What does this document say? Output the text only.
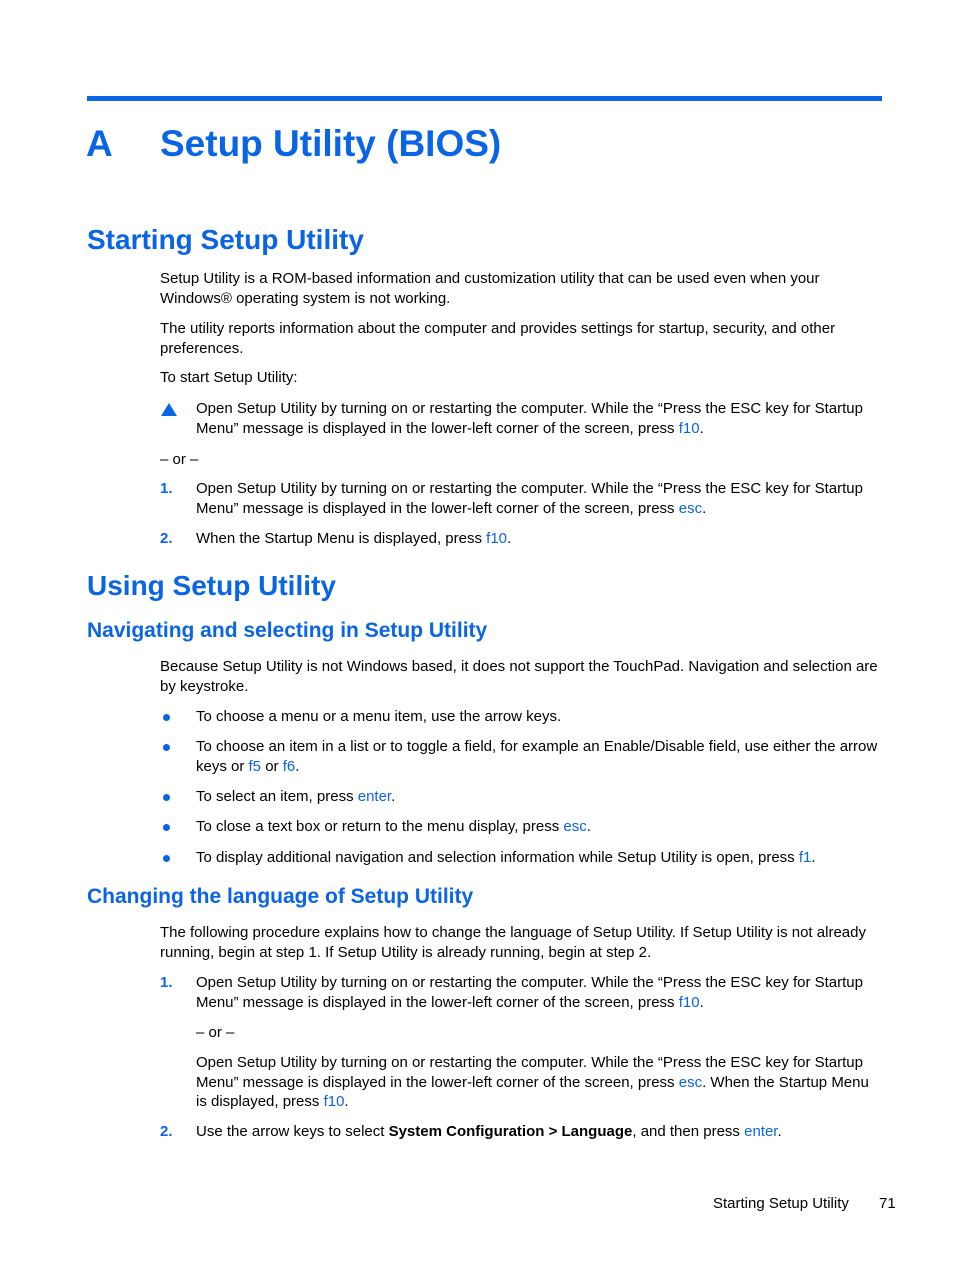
A Setup Utility (BIOS)
Starting Setup Utility
Setup Utility is a ROM-based information and customization utility that can be used even when your Windows® operating system is not working.
The utility reports information about the computer and provides settings for startup, security, and other preferences.
To start Setup Utility:
Open Setup Utility by turning on or restarting the computer. While the “Press the ESC key for Startup Menu” message is displayed in the lower-left corner of the screen, press f10.
– or –
1. Open Setup Utility by turning on or restarting the computer. While the “Press the ESC key for Startup Menu” message is displayed in the lower-left corner of the screen, press esc.
2. When the Startup Menu is displayed, press f10.
Using Setup Utility
Navigating and selecting in Setup Utility
Because Setup Utility is not Windows based, it does not support the TouchPad. Navigation and selection are by keystroke.
To choose a menu or a menu item, use the arrow keys.
To choose an item in a list or to toggle a field, for example an Enable/Disable field, use either the arrow keys or f5 or f6.
To select an item, press enter.
To close a text box or return to the menu display, press esc.
To display additional navigation and selection information while Setup Utility is open, press f1.
Changing the language of Setup Utility
The following procedure explains how to change the language of Setup Utility. If Setup Utility is not already running, begin at step 1. If Setup Utility is already running, begin at step 2.
1. Open Setup Utility by turning on or restarting the computer. While the “Press the ESC key for Startup Menu” message is displayed in the lower-left corner of the screen, press f10.
– or –
Open Setup Utility by turning on or restarting the computer. While the “Press the ESC key for Startup Menu” message is displayed in the lower-left corner of the screen, press esc. When the Startup Menu is displayed, press f10.
2. Use the arrow keys to select System Configuration > Language, and then press enter.
Starting Setup Utility 71
